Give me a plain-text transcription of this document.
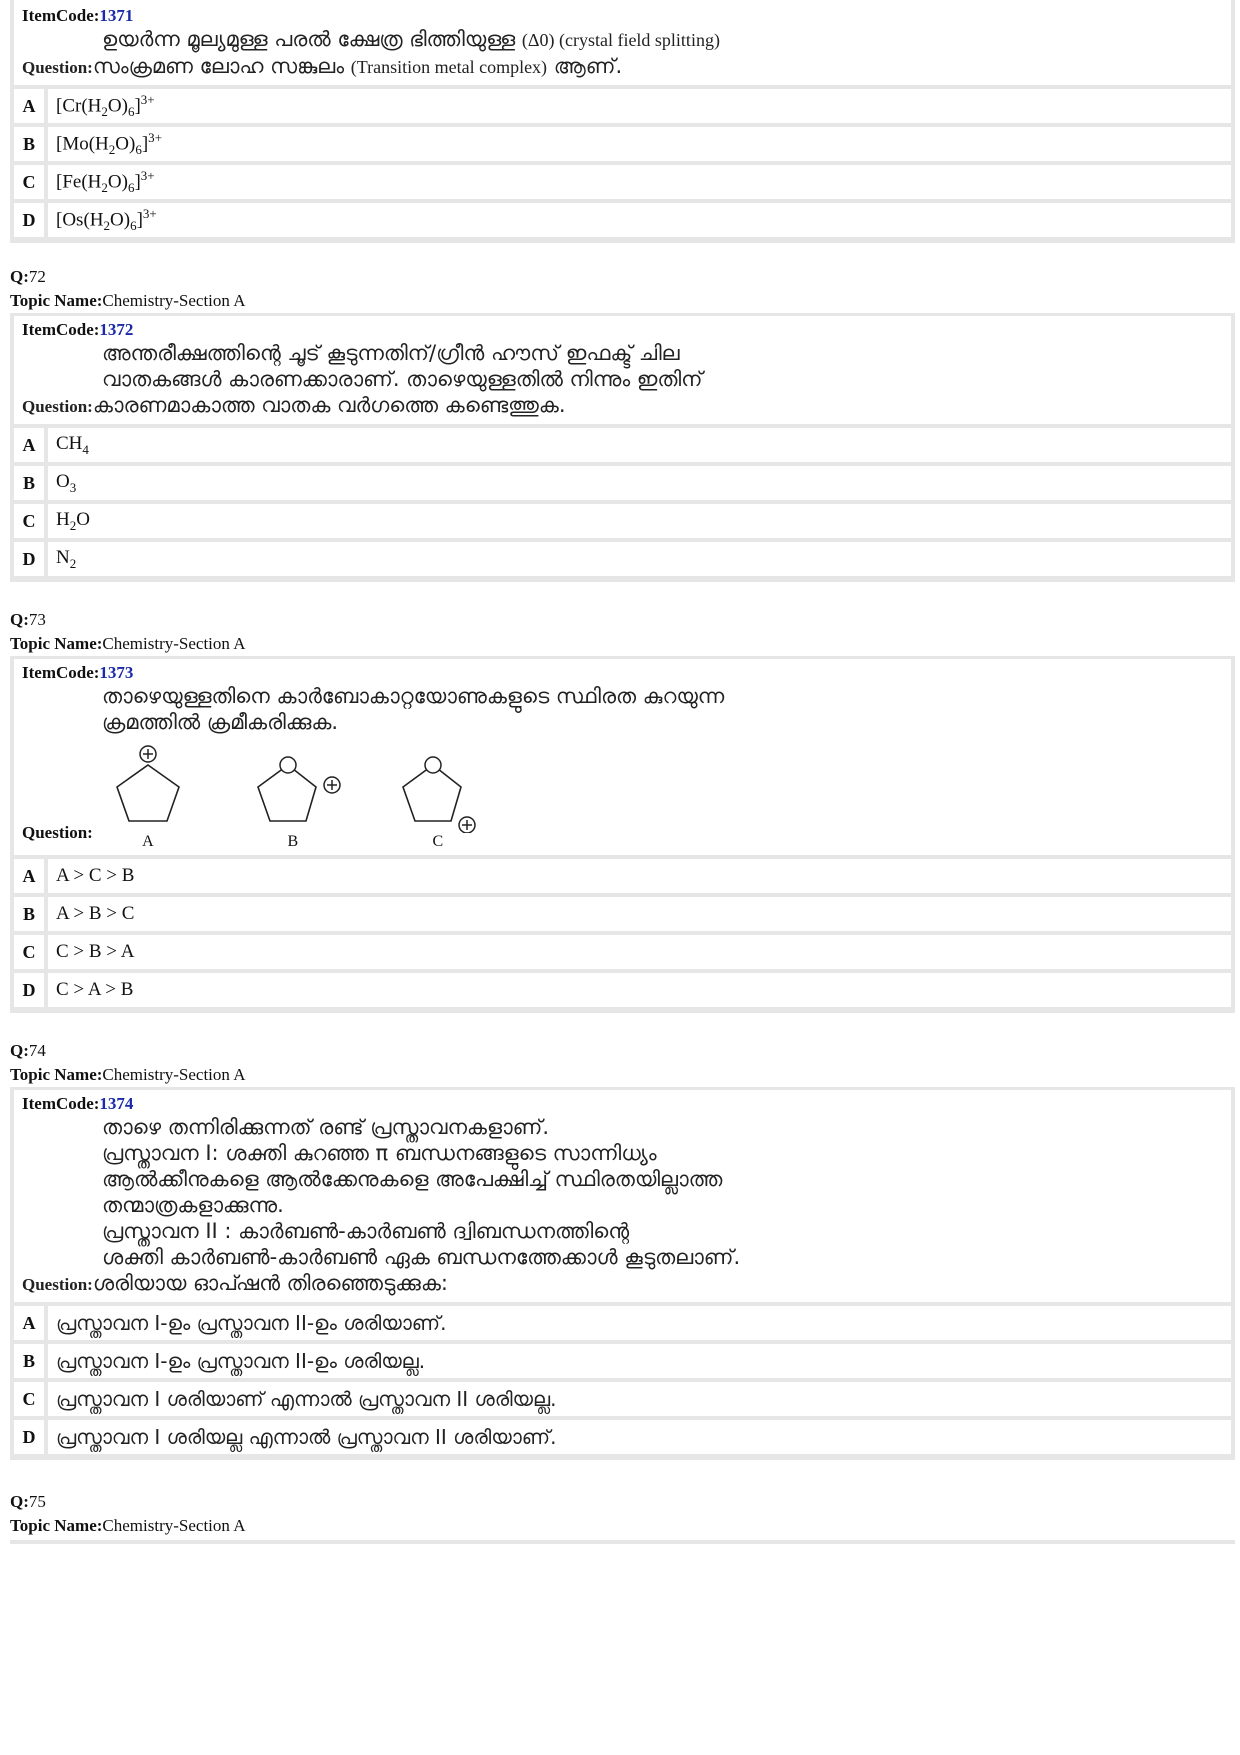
ItemCode:1371
ഉയർന്ന മൂല്യമുള്ള പരൽ ക്ഷേത്ര ഭിത്തിയുള്ള (Δ0) (crystal field splitting)
Question:സംക്രമണ ലോഹ സങ്കുലം (Transition metal complex) ആണ്.
A	$[Cr(H_2O)_6]^{3+}$
B	$[Mo(H_2O)_6]^{3+}$
C	$[Fe(H_2O)_6]^{3+}$
D	$[Os(H_2O)_6]^{3+}$
Q:72
Topic Name:Chemistry-Section A
ItemCode:1372
അന്തരീക്ഷത്തിന്റെ ചൂട് കൂടുന്നതിന്/ഗ്രീൻ ഹൗസ് ഇഫക്ട് ചില
വാതകങ്ങൾ കാരണക്കാരാണ്. താഴെയുള്ളതിൽ നിന്നും ഇതിന്
Question:കാരണമാകാത്ത വാതക വർഗത്തെ കണ്ടെത്തുക.
A	$CH_4$
B	$O_3$
C	$H_2O$
D	$N_2$
Q:73
Topic Name:Chemistry-Section A
ItemCode:1373
താഴെയുള്ളതിനെ കാർബോകാറ്റയോണുകളുടെ സ്ഥിരത കുറയുന്ന
ക്രമത്തിൽ ക്രമീകരിക്കുക.
Question:	A	B	C
A	A > C > B
B	A > B > C
C	C > B > A
D	C > A > B
Q:74
Topic Name:Chemistry-Section A
ItemCode:1374
താഴെ തന്നിരിക്കുന്നത് രണ്ട് പ്രസ്താവനകളാണ്.
പ്രസ്താവന I: ശക്തി കുറഞ്ഞ π ബന്ധനങ്ങളുടെ സാന്നിധ്യം
ആൽക്കീനുകളെ ആൽക്കേനുകളെ അപേക്ഷിച്ച് സ്ഥിരതയില്ലാത്ത
തന്മാത്രകളാക്കുന്നു.
പ്രസ്താവന II : കാർബൺ-കാർബൺ ദ്വിബന്ധനത്തിന്റെ
ശക്തി കാർബൺ-കാർബൺ ഏക ബന്ധനത്തേക്കാൾ കൂടുതലാണ്.
Question:ശരിയായ ഓപ്ഷൻ തിരഞ്ഞെടുക്കുക:
A	പ്രസ്താവന I-ഉം പ്രസ്താവന II-ഉം ശരിയാണ്.
B	പ്രസ്താവന I-ഉം പ്രസ്താവന II-ഉം ശരിയല്ല.
C	പ്രസ്താവന I ശരിയാണ് എന്നാൽ പ്രസ്താവന II ശരിയല്ല.
D	പ്രസ്താവന I ശരിയല്ല എന്നാൽ പ്രസ്താവന II ശരിയാണ്.
Q:75
Topic Name:Chemistry-Section A
